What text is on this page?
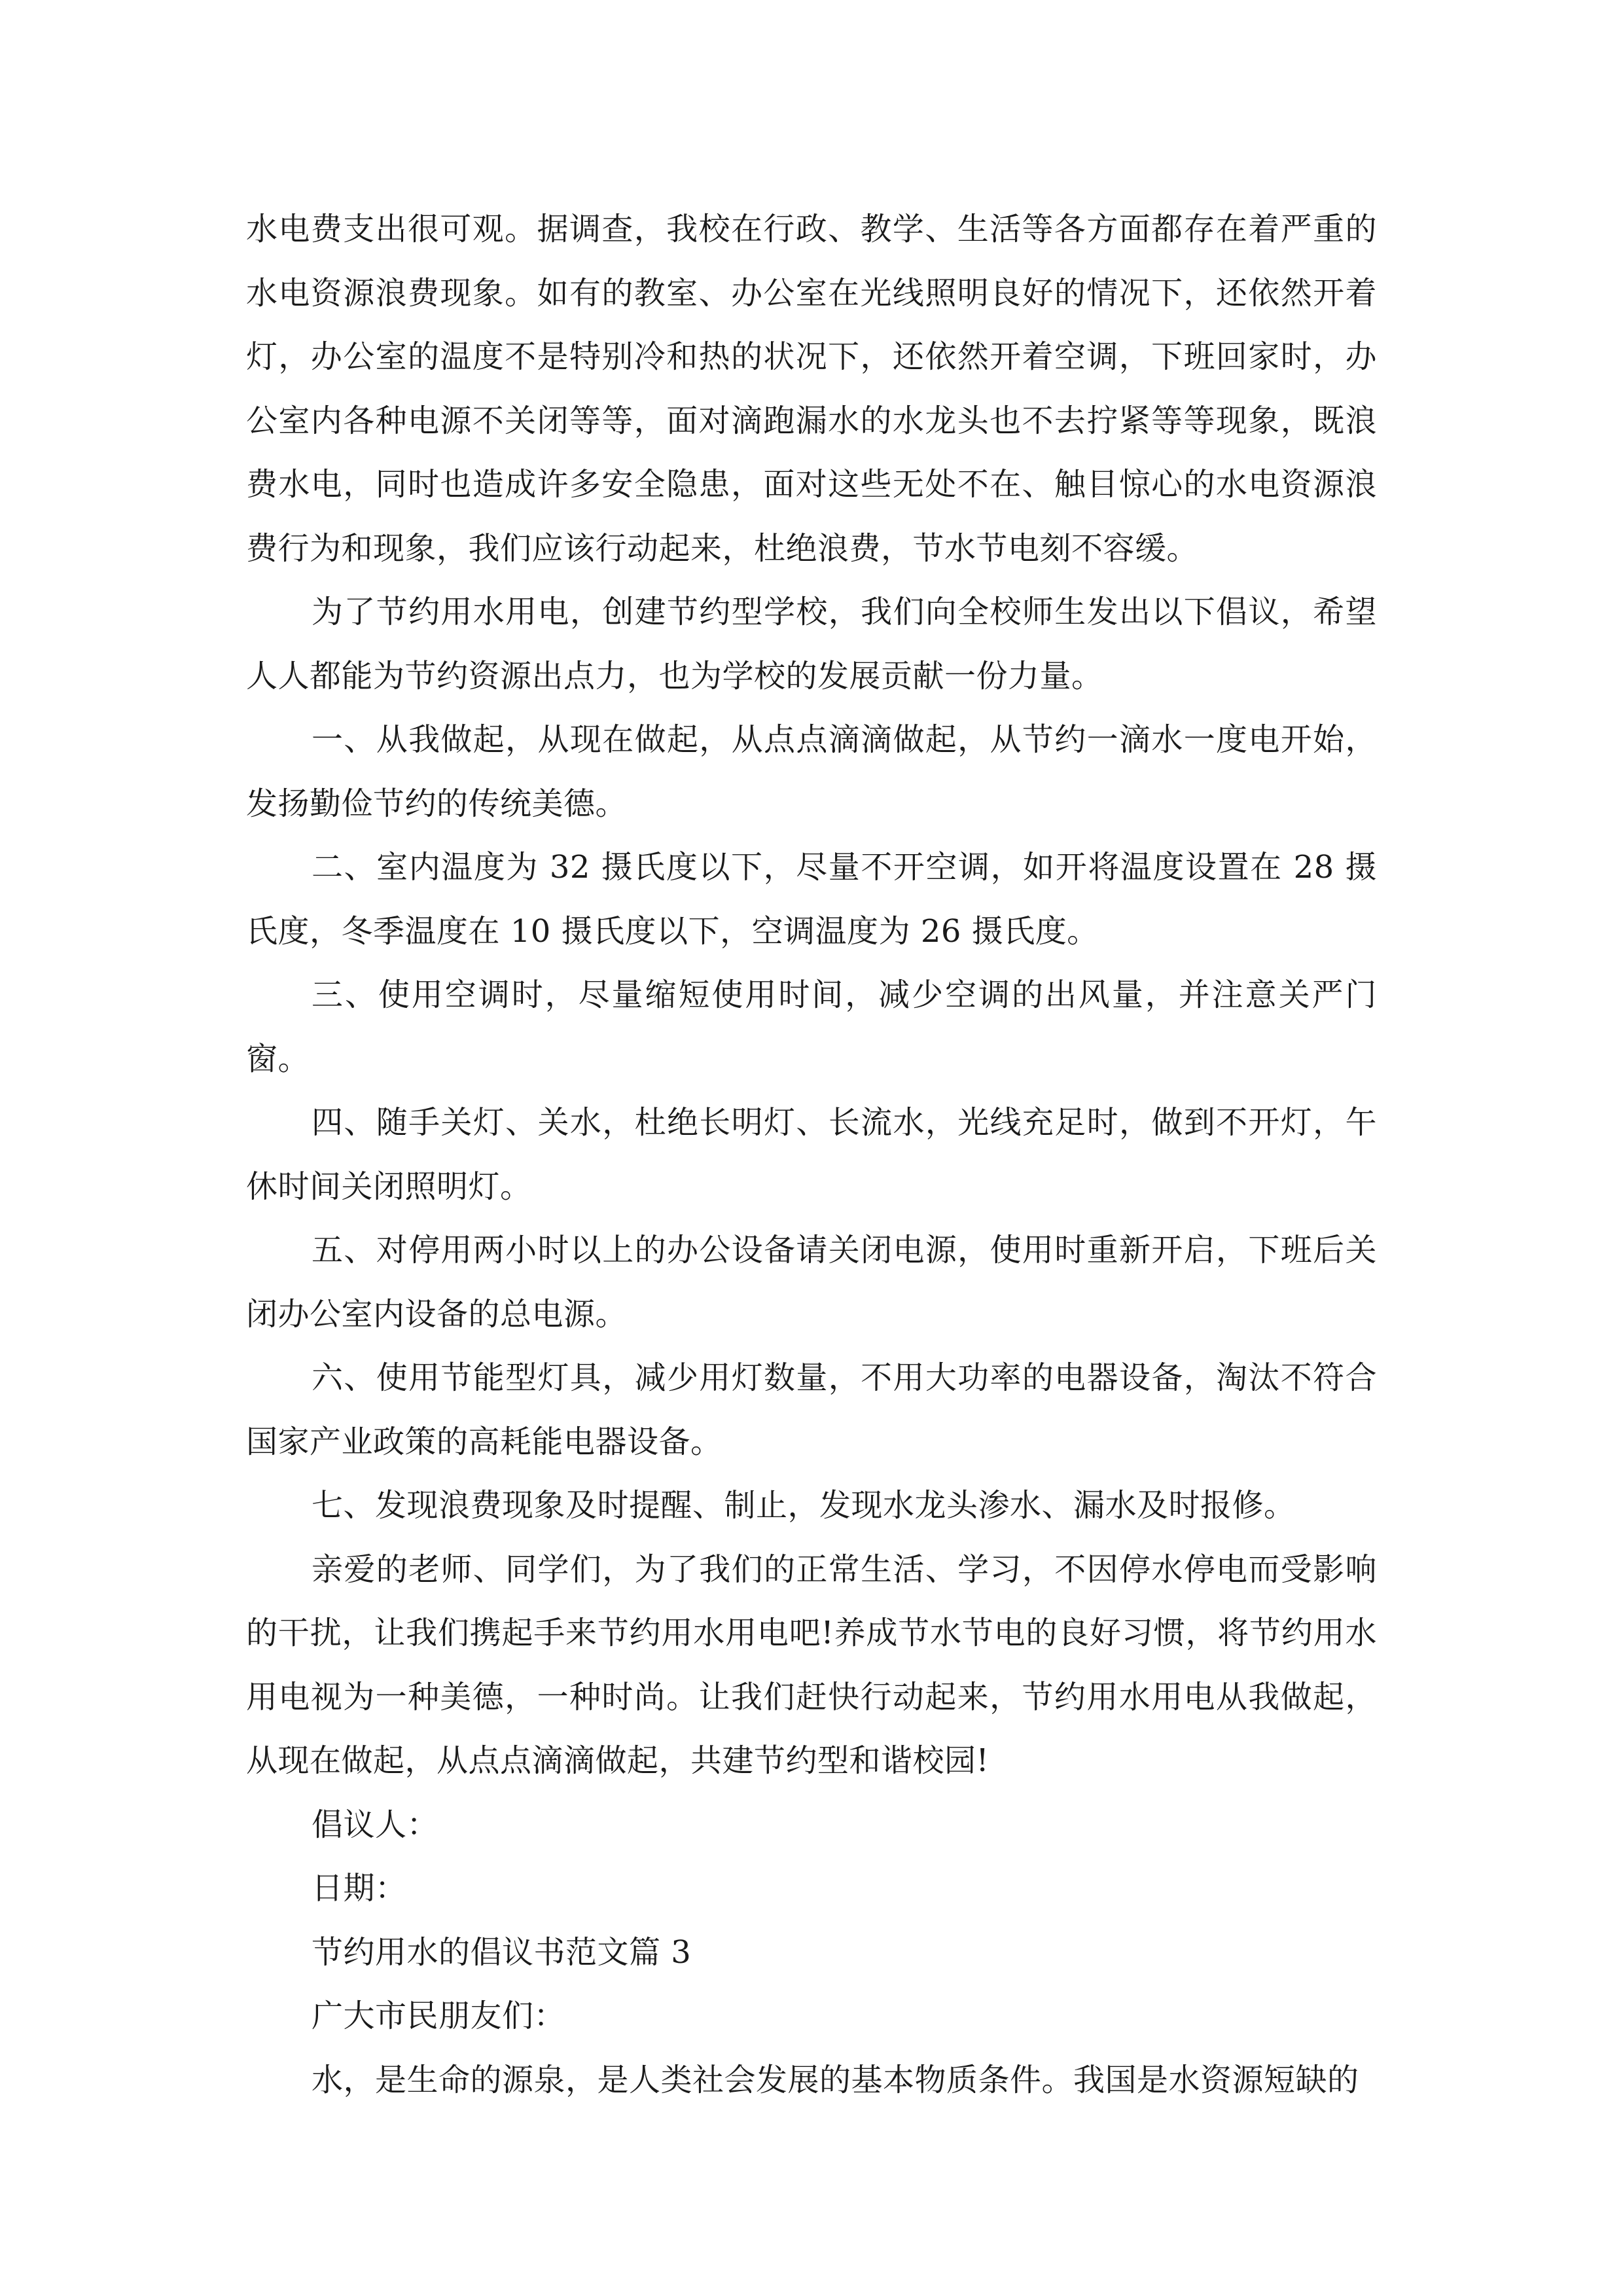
水电费支出很可观。据调查，我校在行政、教学、生活等各方面都存在着严重的水电资源浪费现象。如有的教室、办公室在光线照明良好的情况下，还依然开着灯，办公室的温度不是特别冷和热的状况下，还依然开着空调，下班回家时，办公室内各种电源不关闭等等，面对滴跑漏水的水龙头也不去拧紧等等现象，既浪费水电，同时也造成许多安全隐患，面对这些无处不在、触目惊心的水电资源浪费行为和现象，我们应该行动起来，杜绝浪费，节水节电刻不容缓。

为了节约用水用电，创建节约型学校，我们向全校师生发出以下倡议，希望人人都能为节约资源出点力，也为学校的发展贡献一份力量。

一、从我做起，从现在做起，从点点滴滴做起，从节约一滴水一度电开始，发扬勤俭节约的传统美德。

二、室内温度为 32 摄氏度以下，尽量不开空调，如开将温度设置在 28 摄氏度，冬季温度在 10 摄氏度以下，空调温度为 26 摄氏度。

三、使用空调时，尽量缩短使用时间，减少空调的出风量，并注意关严门窗。

四、随手关灯、关水，杜绝长明灯、长流水，光线充足时，做到不开灯，午休时间关闭照明灯。

五、对停用两小时以上的办公设备请关闭电源，使用时重新开启，下班后关闭办公室内设备的总电源。

六、使用节能型灯具，减少用灯数量，不用大功率的电器设备，淘汰不符合国家产业政策的高耗能电器设备。

七、发现浪费现象及时提醒、制止，发现水龙头渗水、漏水及时报修。

亲爱的老师、同学们，为了我们的正常生活、学习，不因停水停电而受影响的干扰，让我们携起手来节约用水用电吧!养成节水节电的良好习惯，将节约用水用电视为一种美德，一种时尚。让我们赶快行动起来，节约用水用电从我做起，从现在做起，从点点滴滴做起，共建节约型和谐校园!

倡议人：

日期：

节约用水的倡议书范文篇 3

广大市民朋友们：

水，是生命的源泉，是人类社会发展的基本物质条件。我国是水资源短缺的
